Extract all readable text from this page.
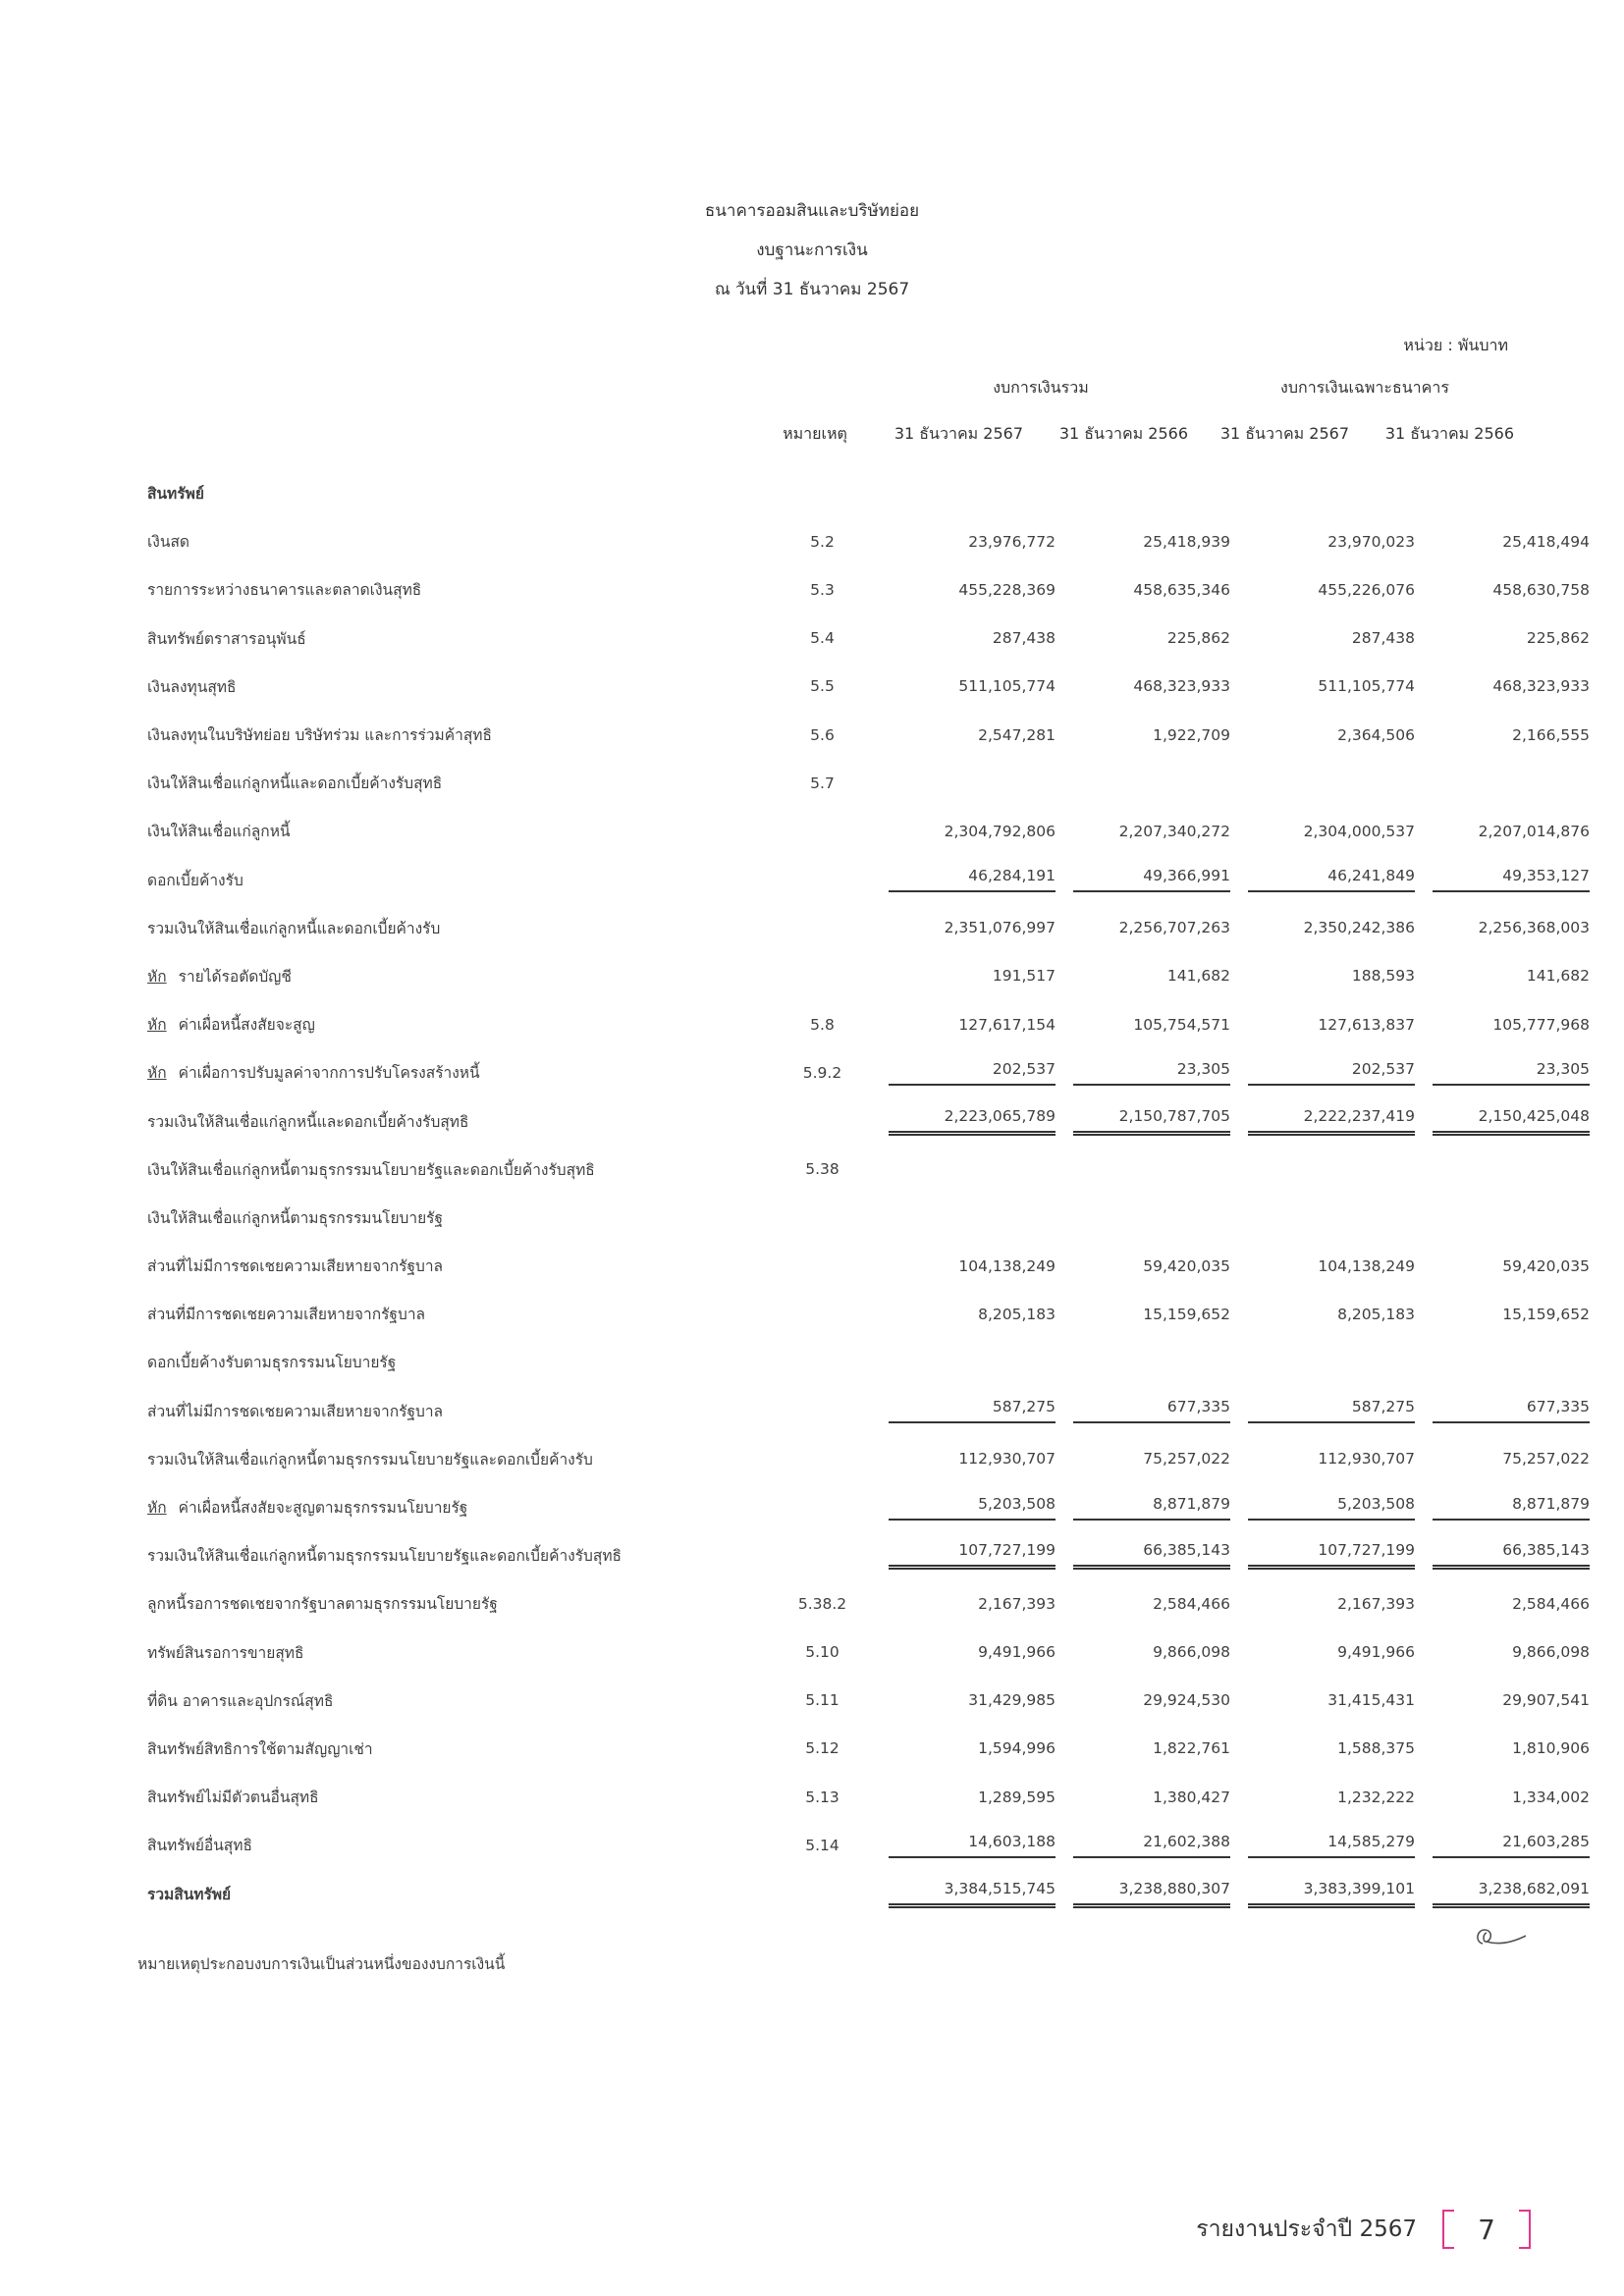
ธนาคารออมสินและบริษัทย่อย
งบฐานะการเงิน
ณ วันที่ 31 ธันวาคม 2567
หน่วย : พันบาท
งบการเงินรวม	งบการเงินเฉพาะธนาคาร
หมายเหตุ	31 ธันวาคม 2567	31 ธันวาคม 2566	31 ธันวาคม 2567	31 ธันวาคม 2566
สินทรัพย์								
เงินสด	5.2	23,976,772		25,418,939		23,970,023		25,418,494
รายการระหว่างธนาคารและตลาดเงินสุทธิ	5.3	455,228,369		458,635,346		455,226,076		458,630,758
สินทรัพย์ตราสารอนุพันธ์	5.4	287,438		225,862		287,438		225,862
เงินลงทุนสุทธิ	5.5	511,105,774		468,323,933		511,105,774		468,323,933
เงินลงทุนในบริษัทย่อย บริษัทร่วม และการร่วมค้าสุทธิ	5.6	2,547,281		1,922,709		2,364,506		2,166,555
เงินให้สินเชื่อแก่ลูกหนี้และดอกเบี้ยค้างรับสุทธิ	5.7							
เงินให้สินเชื่อแก่ลูกหนี้		2,304,792,806		2,207,340,272		2,304,000,537		2,207,014,876
ดอกเบี้ยค้างรับ		46,284,191		49,366,991		46,241,849		49,353,127
รวมเงินให้สินเชื่อแก่ลูกหนี้และดอกเบี้ยค้างรับ		2,351,076,997		2,256,707,263		2,350,242,386		2,256,368,003
หัก รายได้รอตัดบัญชี		191,517		141,682		188,593		141,682
หัก ค่าเผื่อหนี้สงสัยจะสูญ	5.8	127,617,154		105,754,571		127,613,837		105,777,968
หัก ค่าเผื่อการปรับมูลค่าจากการปรับโครงสร้างหนี้	5.9.2	202,537		23,305		202,537		23,305
รวมเงินให้สินเชื่อแก่ลูกหนี้และดอกเบี้ยค้างรับสุทธิ		2,223,065,789		2,150,787,705		2,222,237,419		2,150,425,048
เงินให้สินเชื่อแก่ลูกหนี้ตามธุรกรรมนโยบายรัฐและดอกเบี้ยค้างรับสุทธิ	5.38							
เงินให้สินเชื่อแก่ลูกหนี้ตามธุรกรรมนโยบายรัฐ								
ส่วนที่ไม่มีการชดเชยความเสียหายจากรัฐบาล		104,138,249		59,420,035		104,138,249		59,420,035
ส่วนที่มีการชดเชยความเสียหายจากรัฐบาล		8,205,183		15,159,652		8,205,183		15,159,652
ดอกเบี้ยค้างรับตามธุรกรรมนโยบายรัฐ								
ส่วนที่ไม่มีการชดเชยความเสียหายจากรัฐบาล		587,275		677,335		587,275		677,335
รวมเงินให้สินเชื่อแก่ลูกหนี้ตามธุรกรรมนโยบายรัฐและดอกเบี้ยค้างรับ		112,930,707		75,257,022		112,930,707		75,257,022
หัก ค่าเผื่อหนี้สงสัยจะสูญตามธุรกรรมนโยบายรัฐ		5,203,508		8,871,879		5,203,508		8,871,879
รวมเงินให้สินเชื่อแก่ลูกหนี้ตามธุรกรรมนโยบายรัฐและดอกเบี้ยค้างรับสุทธิ		107,727,199		66,385,143		107,727,199		66,385,143
ลูกหนี้รอการชดเชยจากรัฐบาลตามธุรกรรมนโยบายรัฐ	5.38.2	2,167,393		2,584,466		2,167,393		2,584,466
ทรัพย์สินรอการขายสุทธิ	5.10	9,491,966		9,866,098		9,491,966		9,866,098
ที่ดิน อาคารและอุปกรณ์สุทธิ	5.11	31,429,985		29,924,530		31,415,431		29,907,541
สินทรัพย์สิทธิการใช้ตามสัญญาเช่า	5.12	1,594,996		1,822,761		1,588,375		1,810,906
สินทรัพย์ไม่มีตัวตนอื่นสุทธิ	5.13	1,289,595		1,380,427		1,232,222		1,334,002
สินทรัพย์อื่นสุทธิ	5.14	14,603,188		21,602,388		14,585,279		21,603,285
รวมสินทรัพย์		3,384,515,745		3,238,880,307		3,383,399,101		3,238,682,091
หมายเหตุประกอบงบการเงินเป็นส่วนหนึ่งของงบการเงินนี้
รายงานประจำปี 2567	7
